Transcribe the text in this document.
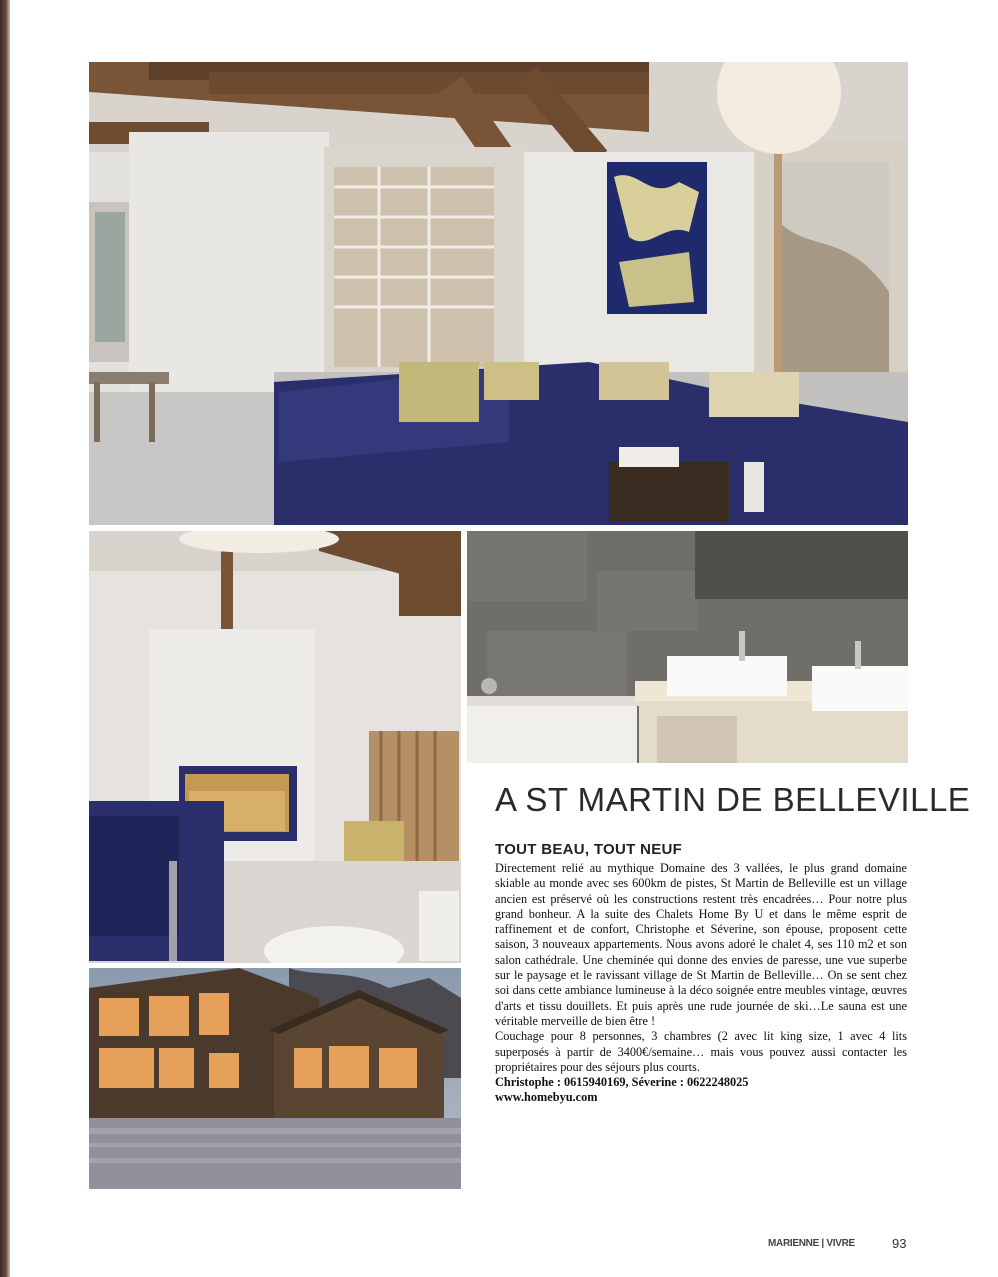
A ST MARTIN DE BELLEVILLE
TOUT BEAU, TOUT NEUF

Directement relié au mythique Domaine des 3 vallées, le plus grand domaine skiable au monde avec ses 600km de pistes, St Martin de Belleville est un village ancien est préservé où les constructions restent très encadrées… Pour notre plus grand bonheur. A la suite des Chalets Home By U et dans le même esprit de raffinement et de confort, Christophe et Séverine, son épouse, proposent cette saison, 3 nouveaux appartements. Nous avons adoré le chalet 4, ses 110 m2 et son salon cathédrale. Une cheminée qui donne des envies de paresse, une vue superbe sur le paysage et le ravissant village de St Martin de Belleville… On se sent chez soi dans cette ambiance lumineuse à la déco soignée entre meubles vintage, œuvres d'arts et tissu douillets. Et puis après une rude journée de ski…Le sauna est une véritable merveille de bien être !

Couchage pour 8 personnes, 3 chambres (2 avec lit king size, 1 avec 4 lits superposés à partir de 3400€/semaine… mais vous pouvez aussi contacter les propriétaires pour des séjours plus courts.

Christophe : 0615940169, Séverine : 0622248025

www.homebyu.com

MARIENNE | VIVRE	93
